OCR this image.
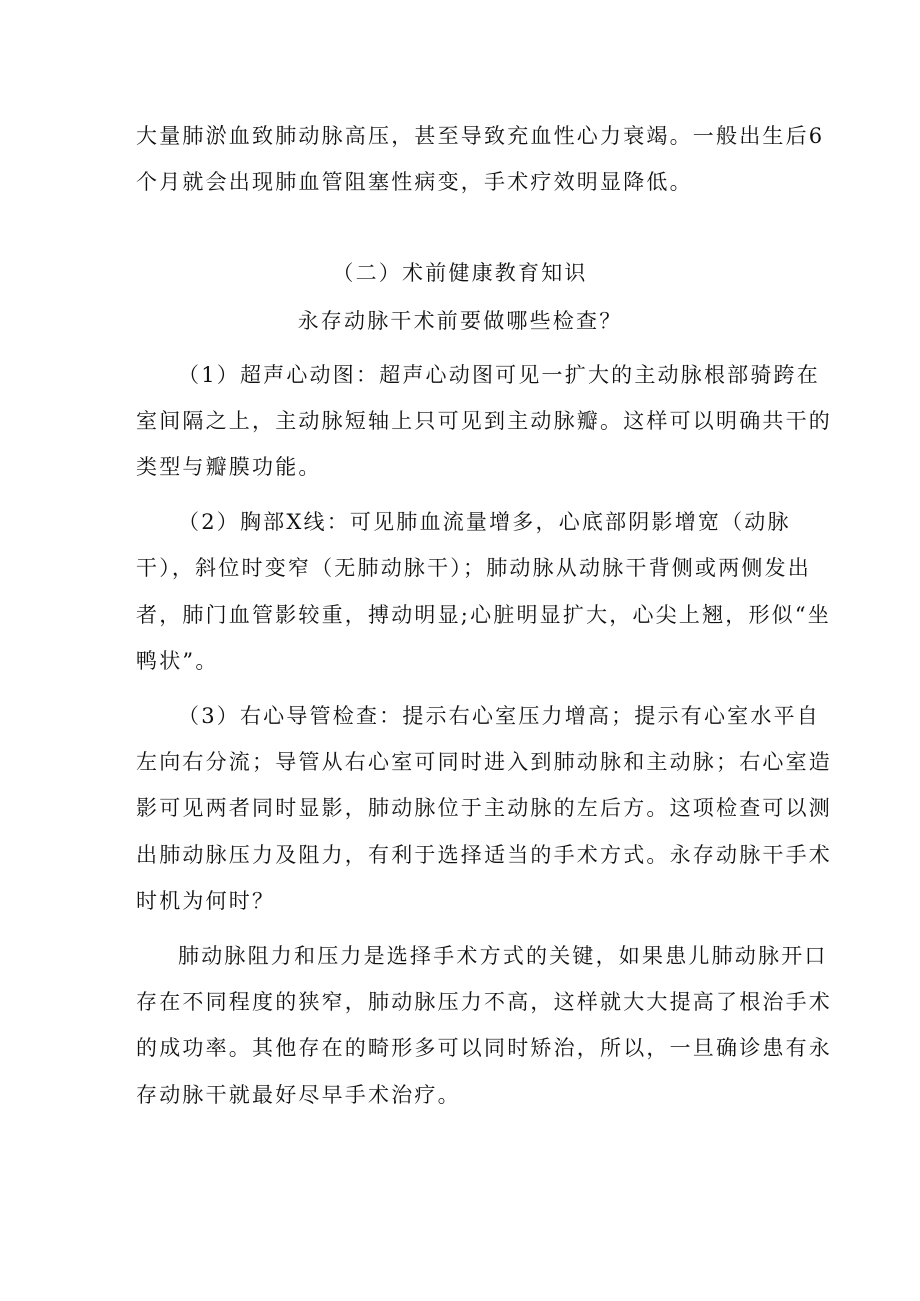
大量肺淤血致肺动脉高压，甚至导致充血性心力衰竭。一般出生后6
个月就会出现肺血管阻塞性病变，手术疗效明显降低。
（二）术前健康教育知识
永存动脉干术前要做哪些检查？
（1）超声心动图：超声心动图可见一扩大的主动脉根部骑跨在
室间隔之上，主动脉短轴上只可见到主动脉瓣。这样可以明确共干的
类型与瓣膜功能。
（2）胸部X线：可见肺血流量增多，心底部阴影增宽（动脉
干），斜位时变窄（无肺动脉干）；肺动脉从动脉干背侧或两侧发出
者，肺门血管影较重，搏动明显;心脏明显扩大，心尖上翘，形似“坐
鸭状”。
（3）右心导管检查：提示右心室压力增高；提示有心室水平自
左向右分流；导管从右心室可同时进入到肺动脉和主动脉；右心室造
影可见两者同时显影，肺动脉位于主动脉的左后方。这项检查可以测
出肺动脉压力及阻力，有利于选择适当的手术方式。永存动脉干手术
时机为何时？
肺动脉阻力和压力是选择手术方式的关键，如果患儿肺动脉开口
存在不同程度的狭窄，肺动脉压力不高，这样就大大提高了根治手术
的成功率。其他存在的畸形多可以同时矫治，所以，一旦确诊患有永
存动脉干就最好尽早手术治疗。
